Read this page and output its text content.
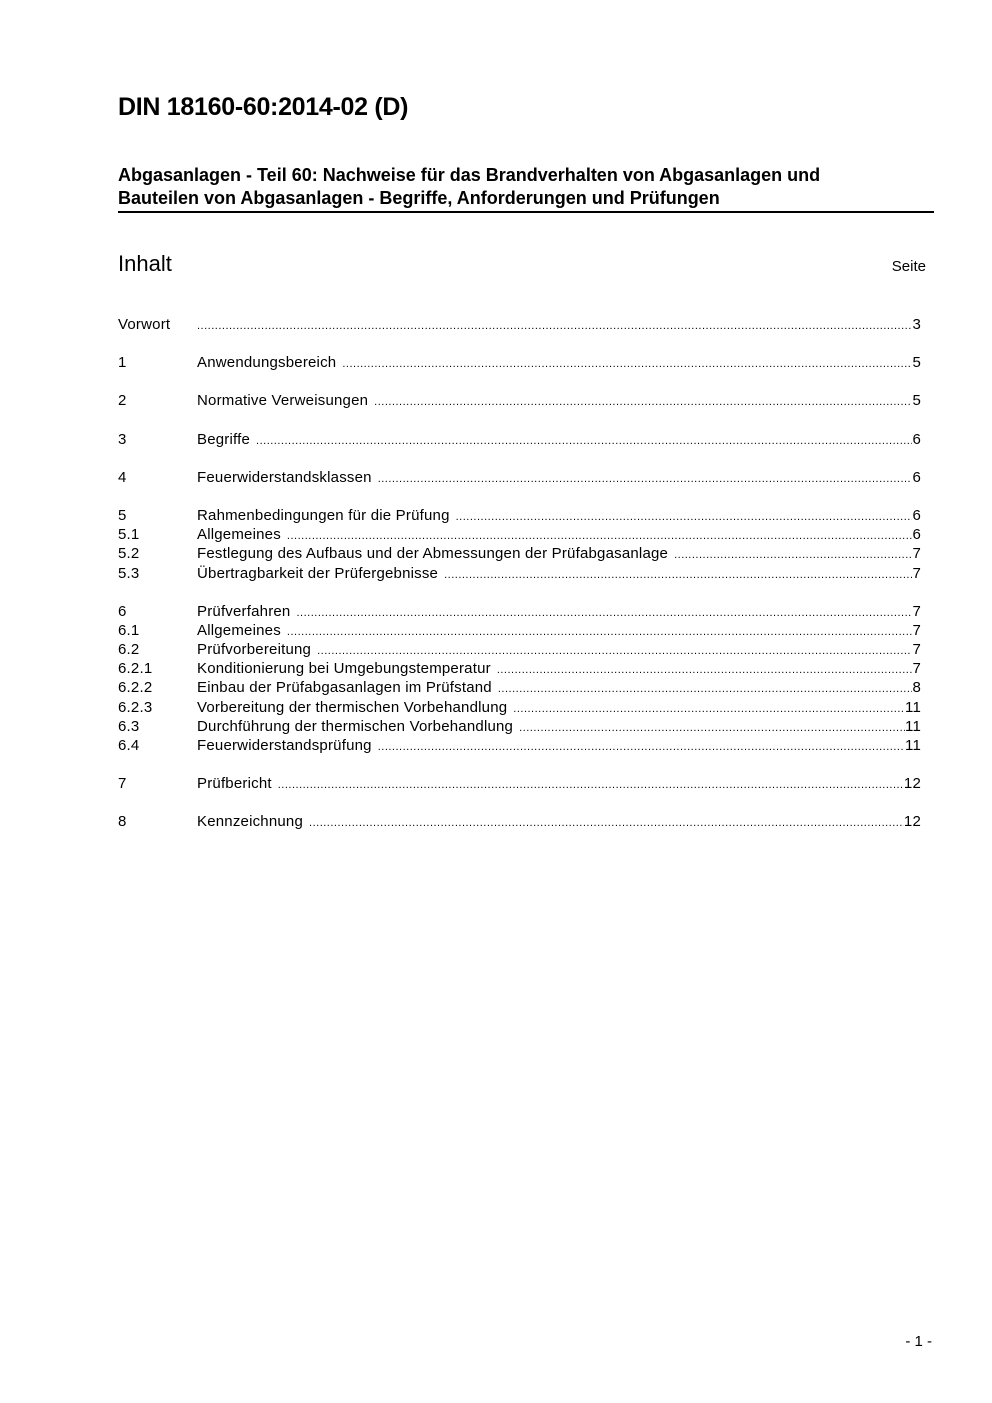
DIN 18160-60:2014-02 (D)
Abgasanlagen - Teil 60: Nachweise für das Brandverhalten von Abgasanlagen und
Bauteilen von Abgasanlagen - Begriffe, Anforderungen und Prüfungen
Inhalt	Seite
Vorwort .....	3
1	Anwendungsbereich .....	5
2	Normative Verweisungen .....	5
3	Begriffe .....	6
4	Feuerwiderstandsklassen .....	6
5	Rahmenbedingungen für die Prüfung .....	6
5.1	Allgemeines .....	6
5.2	Festlegung des Aufbaus und der Abmessungen der Prüfabgasanlage .....	7
5.3	Übertragbarkeit der Prüfergebnisse .....	7
6	Prüfverfahren .....	7
6.1	Allgemeines .....	7
6.2	Prüfvorbereitung .....	7
6.2.1	Konditionierung bei Umgebungstemperatur .....	7
6.2.2	Einbau der Prüfabgasanlagen im Prüfstand .....	8
6.2.3	Vorbereitung der thermischen Vorbehandlung .....	11
6.3	Durchführung der thermischen Vorbehandlung .....	11
6.4	Feuerwiderstandsprüfung .....	11
7	Prüfbericht .....	12
8	Kennzeichnung .....	12
- 1 -
